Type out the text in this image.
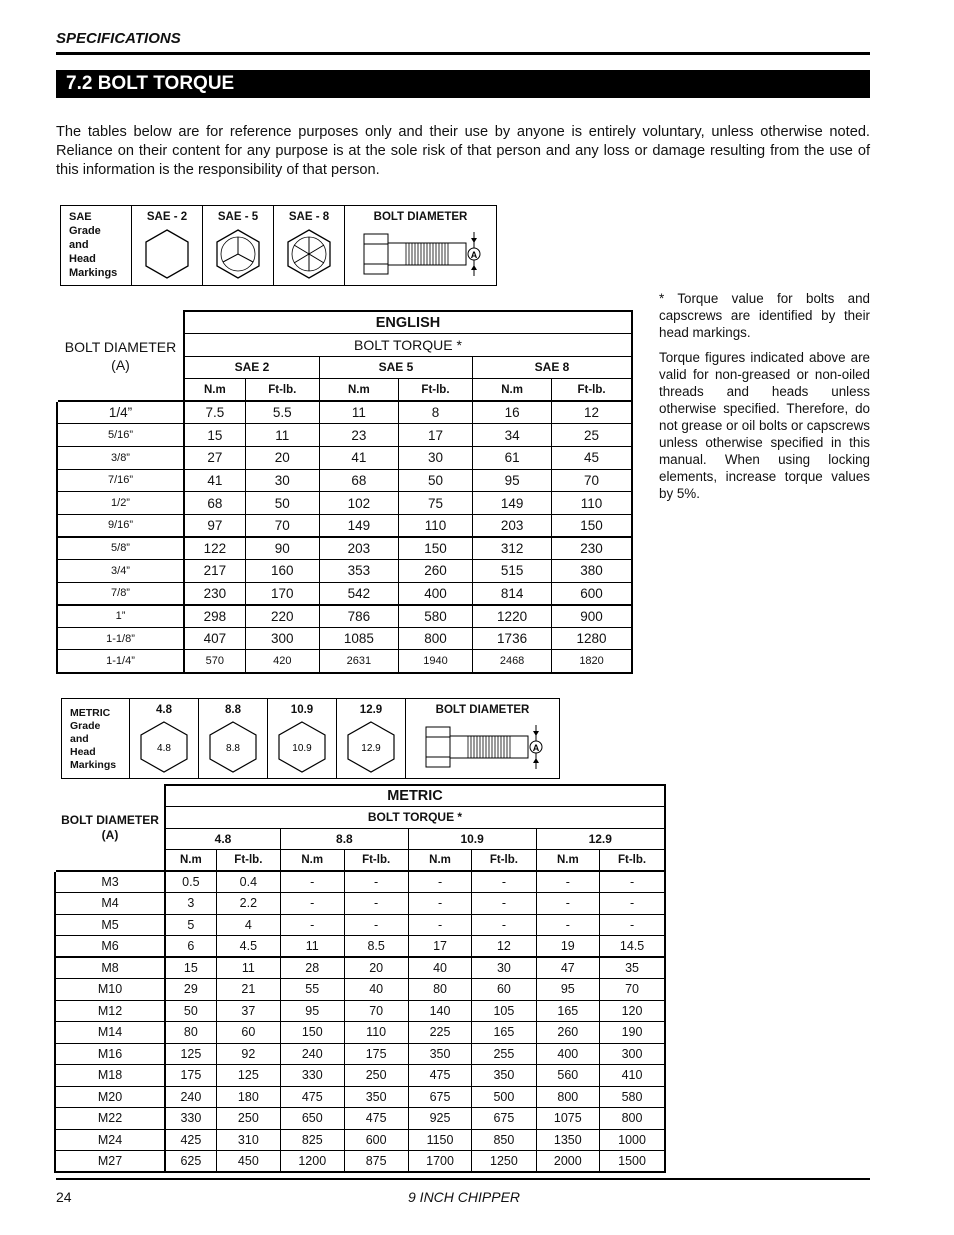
SPECIFICATIONS
7.2 BOLT TORQUE
The tables below are for reference purposes only and their use by anyone is entirely voluntary, unless otherwise noted. Reliance on their content for any purpose is at the sole risk of that person and any loss or damage resulting from the use of this information is the responsibility of that person.
SAE
Grade
and
Head
Markings	SAE - 2	SAE - 5	SAE - 8	BOLT DIAMETER

A
BOLT DIAMETER
(A)	ENGLISH					
	BOLT TORQUE *					
	SAE 2		SAE 5		SAE 8	
	N.m	Ft-lb.	N.m	Ft-lb.	N.m	Ft-lb.
1/4”	7.5	5.5	11	8	16	12
5/16”	15	11	23	17	34	25
3/8”	27	20	41	30	61	45
7/16”	41	30	68	50	95	70
1/2”	68	50	102	75	149	110
9/16”	97	70	149	110	203	150
5/8”	122	90	203	150	312	230
3/4”	217	160	353	260	515	380
7/8”	230	170	542	400	814	600
1”	298	220	786	580	1220	900
1-1/8”	407	300	1085	800	1736	1280
1-1/4”	570	420	2631	1940	2468	1820

* Torque value for bolts and capscrews are identified by their head markings.

Torque figures indicated above are valid for non-greased or non-oiled threads and heads unless otherwise specified. Therefore, do not grease or oil bolts or capscrews unless otherwise specified in this manual. When using locking elements, increase torque values by 5%.

METRIC
Grade
and
Head
Markings	4.8	8.8	10.9	12.9	BOLT DIAMETER

4.8	8.8	10.9	12.9	A
BOLT DIAMETER
(A)	METRIC							
	BOLT TORQUE *							
	4.8		8.8		10.9		12.9	
	N.m	Ft-lb.	N.m	Ft-lb.	N.m	Ft-lb.	N.m	Ft-lb.
M3	0.5	0.4	-	-	-	-	-	-
M4	3	2.2	-	-	-	-	-	-
M5	5	4	-	-	-	-	-	-
M6	6	4.5	11	8.5	17	12	19	14.5
M8	15	11	28	20	40	30	47	35
M10	29	21	55	40	80	60	95	70
M12	50	37	95	70	140	105	165	120
M14	80	60	150	110	225	165	260	190
M16	125	92	240	175	350	255	400	300
M18	175	125	330	250	475	350	560	410
M20	240	180	475	350	675	500	800	580
M22	330	250	650	475	925	675	1075	800
M24	425	310	825	600	1150	850	1350	1000
M27	625	450	1200	875	1700	1250	2000	1500
24	9 INCH CHIPPER
